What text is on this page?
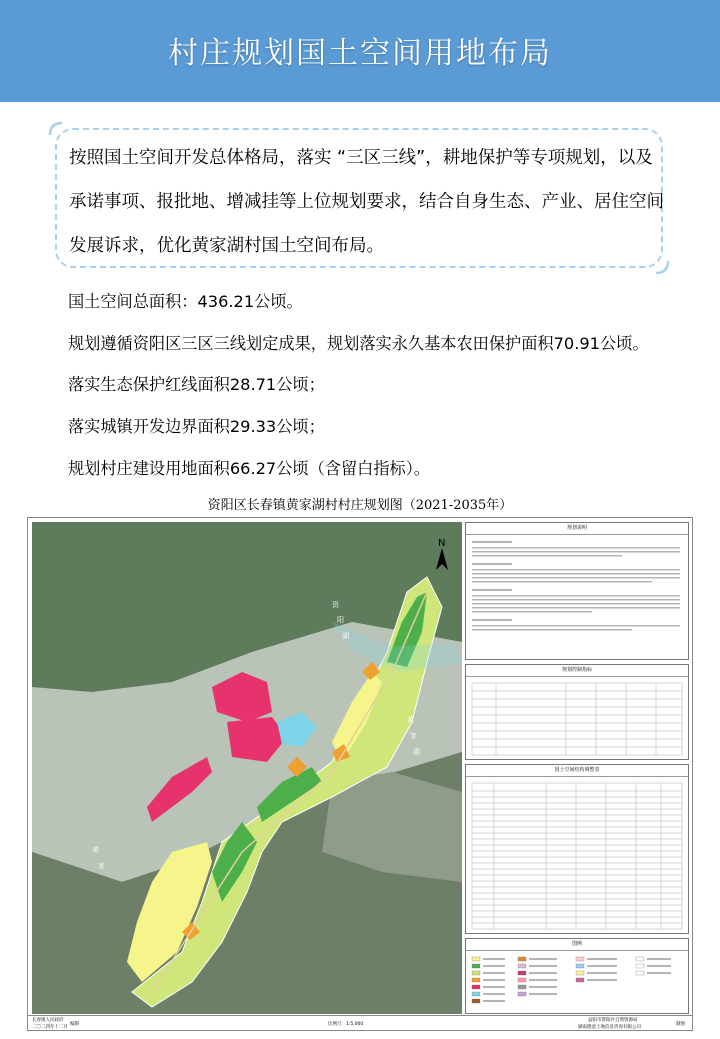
村庄规划国土空间用地布局

按照国土空间开发总体格局，落实 “三区三线”，耕地保护等专项规划，以及承诺事项、报批地、增减挂等上位规划要求，结合自身生态、产业、居住空间发展诉求，优化黄家湖村国土空间布局。

国土空间总面积：436.21公顷。
规划遵循资阳区三区三线划定成果，规划落实永久基本农田保护面积70.91公顷。
落实生态保护红线面积28.71公顷；
落实城镇开发边界面积29.33公顷；
规划村庄建设用地面积66.27公顷（含留白指标）。
资阳区长春镇黄家湖村村庄规划图（2021-2035年）
N
资
阳
湖
黄
家
湖
黄
家
规划说明
规划控制指标
国土空间结构调整表
图例
长春镇人民政府
二〇二四年十二月
编制	比例尺：1:5,000
益阳市资阳区自然资源局
湖南德意土地信息咨询有限公司
制图
